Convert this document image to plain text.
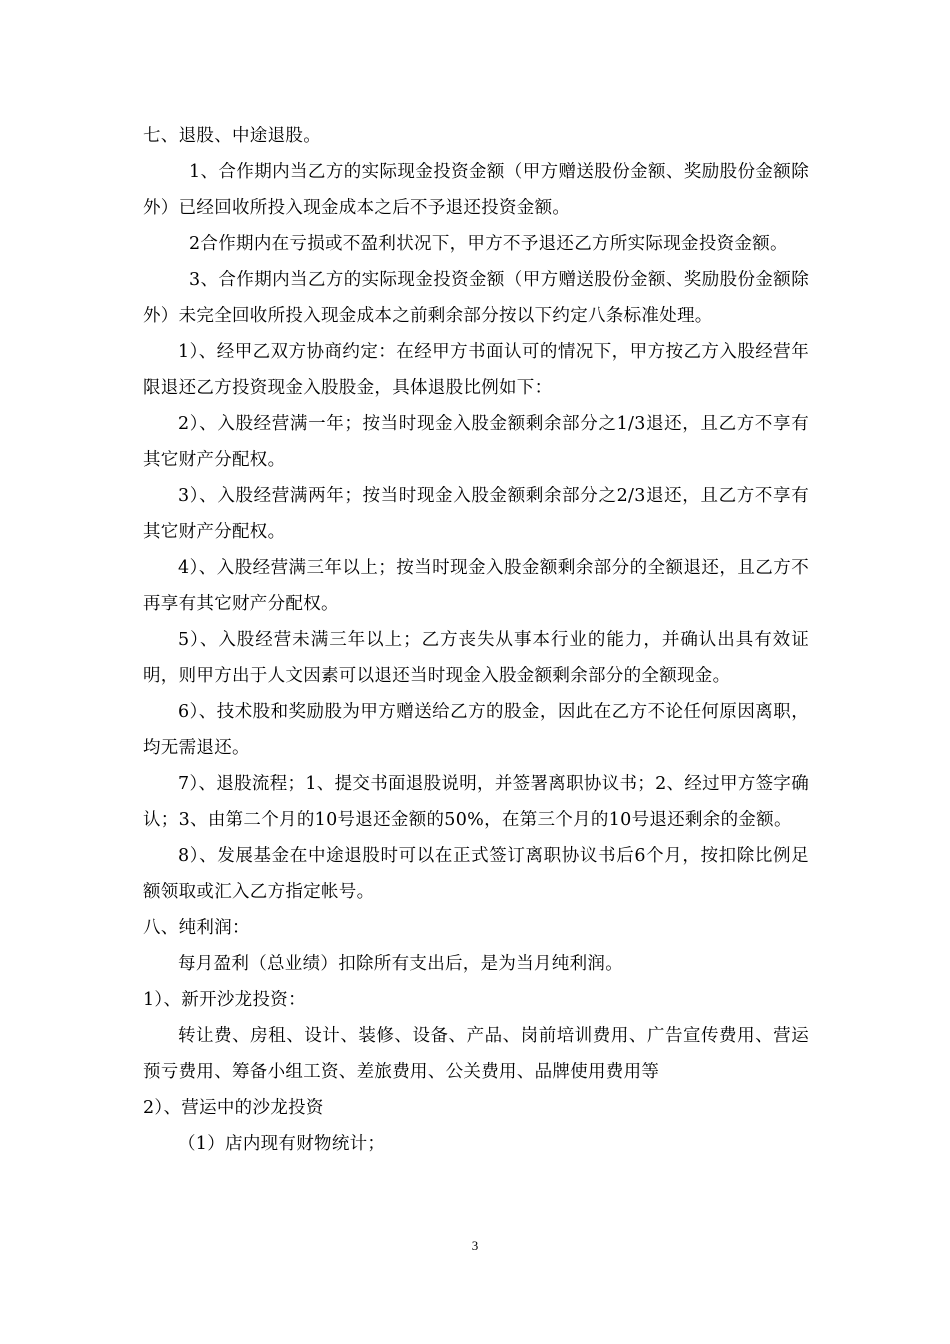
七、退股、中途退股。

1、合作期内当乙方的实际现金投资金额（甲方赠送股份金额、奖励股份金额除外）已经回收所投入现金成本之后不予退还投资金额。

2合作期内在亏损或不盈利状况下，甲方不予退还乙方所实际现金投资金额。

3、合作期内当乙方的实际现金投资金额（甲方赠送股份金额、奖励股份金额除外）未完全回收所投入现金成本之前剩余部分按以下约定八条标准处理。

1）、经甲乙双方协商约定：在经甲方书面认可的情况下，甲方按乙方入股经营年限退还乙方投资现金入股股金，具体退股比例如下：

2）、入股经营满一年；按当时现金入股金额剩余部分之1/3退还，且乙方不享有其它财产分配权。

3）、入股经营满两年；按当时现金入股金额剩余部分之2/3退还，且乙方不享有其它财产分配权。

4）、入股经营满三年以上；按当时现金入股金额剩余部分的全额退还，且乙方不再享有其它财产分配权。

5）、入股经营未满三年以上；乙方丧失从事本行业的能力，并确认出具有效证明，则甲方出于人文因素可以退还当时现金入股金额剩余部分的全额现金。

6）、技术股和奖励股为甲方赠送给乙方的股金，因此在乙方不论任何原因离职，均无需退还。

7）、退股流程；1、提交书面退股说明，并签署离职协议书；2、经过甲方签字确认；3、由第二个月的10号退还金额的50%，在第三个月的10号退还剩余的金额。

8）、发展基金在中途退股时可以在正式签订离职协议书后6个月，按扣除比例足额领取或汇入乙方指定帐号。

八、纯利润：

每月盈利（总业绩）扣除所有支出后，是为当月纯利润。

1）、新开沙龙投资：

转让费、房租、设计、装修、设备、产品、岗前培训费用、广告宣传费用、营运预亏费用、筹备小组工资、差旅费用、公关费用、品牌使用费用等

2）、营运中的沙龙投资

（1）店内现有财物统计；

3
